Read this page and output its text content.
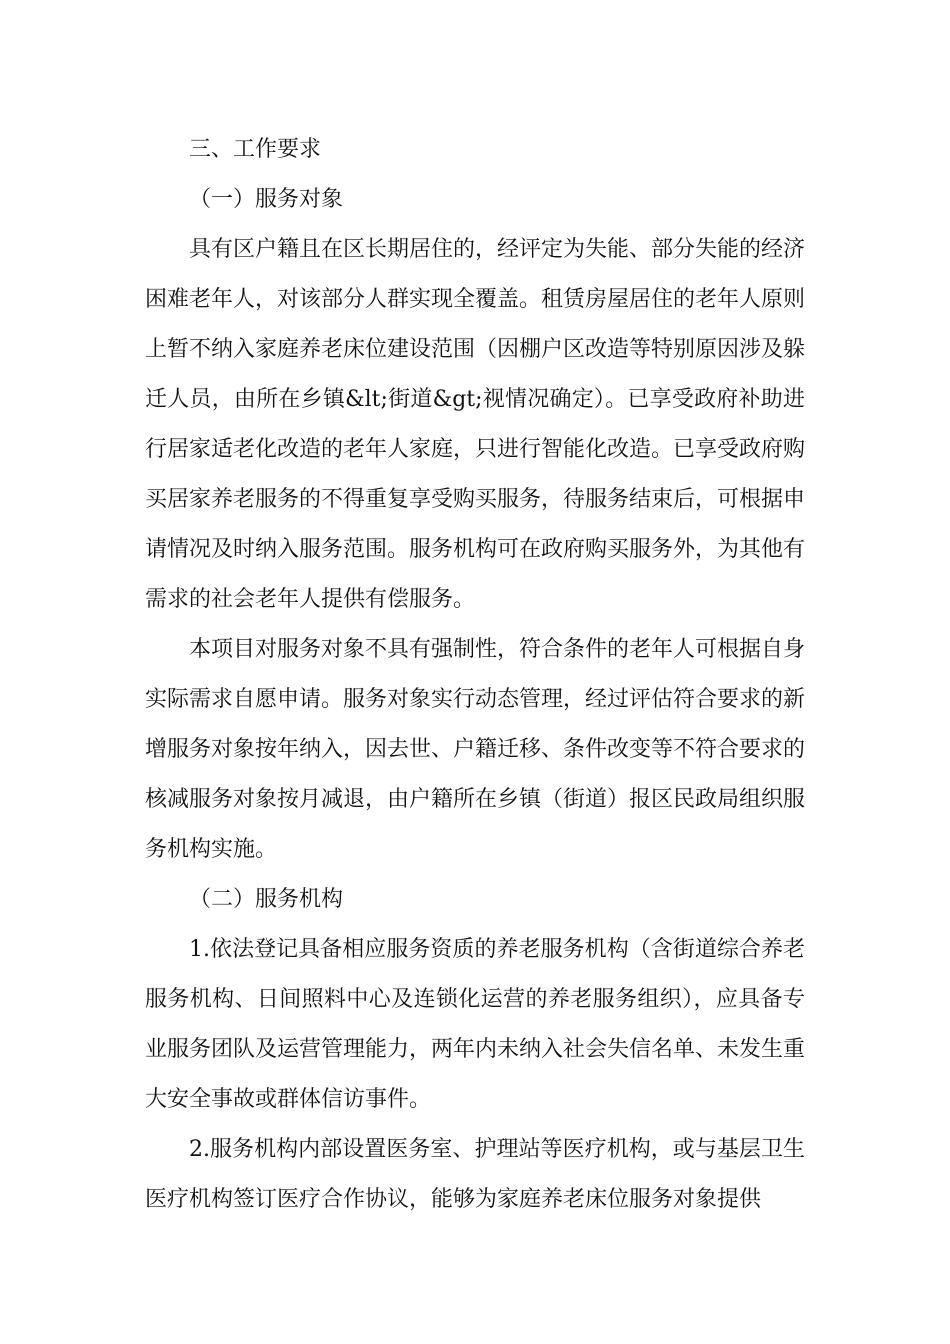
三、工作要求

（一）服务对象

具有区户籍且在区长期居住的，经评定为失能、部分失能的经济困难老年人，对该部分人群实现全覆盖。租赁房屋居住的老年人原则上暂不纳入家庭养老床位建设范围（因棚户区改造等特别原因涉及躲迁人员，由所在乡镇&lt;街道&gt;视情况确定）。已享受政府补助进行居家适老化改造的老年人家庭，只进行智能化改造。已享受政府购买居家养老服务的不得重复享受购买服务，待服务结束后，可根据申请情况及时纳入服务范围。服务机构可在政府购买服务外，为其他有需求的社会老年人提供有偿服务。

本项目对服务对象不具有强制性，符合条件的老年人可根据自身实际需求自愿申请。服务对象实行动态管理，经过评估符合要求的新增服务对象按年纳入，因去世、户籍迁移、条件改变等不符合要求的核减服务对象按月减退，由户籍所在乡镇（街道）报区民政局组织服务机构实施。

（二）服务机构

1.依法登记具备相应服务资质的养老服务机构（含街道综合养老服务机构、日间照料中心及连锁化运营的养老服务组织），应具备专业服务团队及运营管理能力，两年内未纳入社会失信名单、未发生重大安全事故或群体信访事件。

2.服务机构内部设置医务室、护理站等医疗机构，或与基层卫生医疗机构签订医疗合作协议，能够为家庭养老床位服务对象提供
